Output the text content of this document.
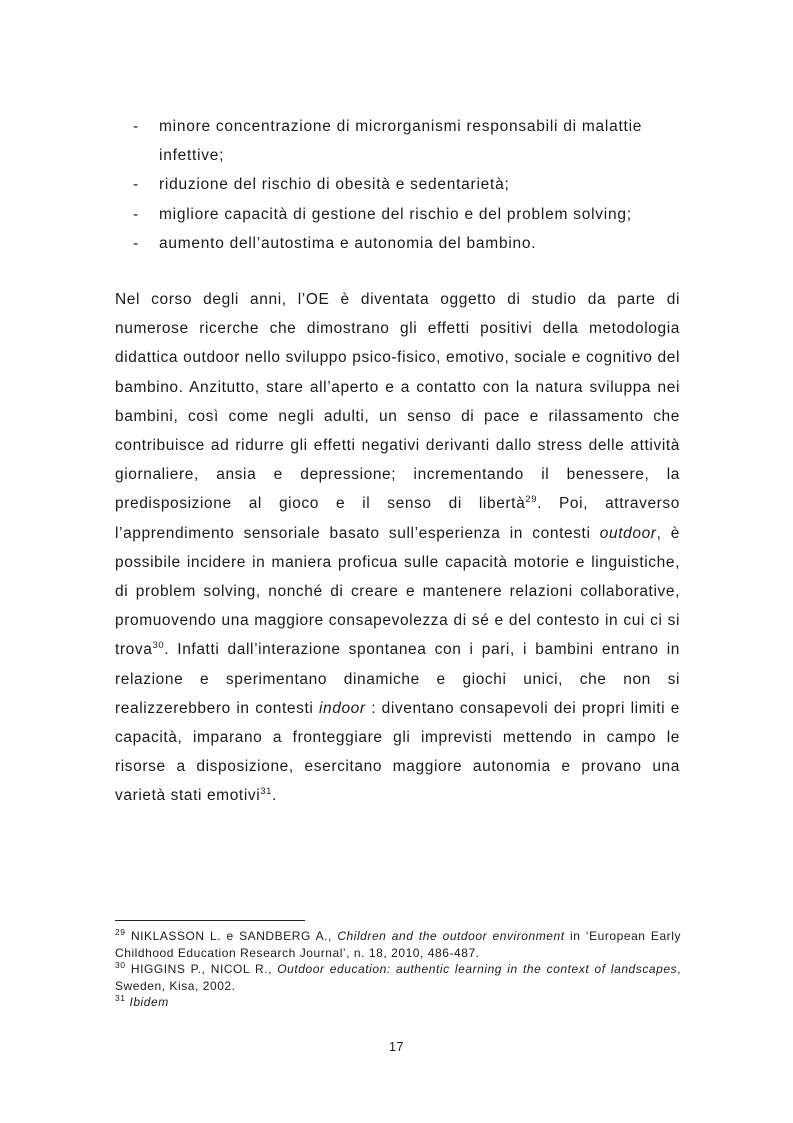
- minore concentrazione di microrganismi responsabili di malattie infettive;
- riduzione del rischio di obesità e sedentarietà;
- migliore capacità di gestione del rischio e del problem solving;
- aumento dell’autostima e autonomia del bambino.

Nel corso degli anni, l’OE è diventata oggetto di studio da parte di numerose ricerche che dimostrano gli effetti positivi della metodologia didattica outdoor nello sviluppo psico-fisico, emotivo, sociale e cognitivo del bambino. Anzitutto, stare all’aperto e a contatto con la natura sviluppa nei bambini, così come negli adulti, un senso di pace e rilassamento che contribuisce ad ridurre gli effetti negativi derivanti dallo stress delle attività giornaliere, ansia e depressione; incrementando il benessere, la predisposizione al gioco e il senso di libertà$^{29}$. Poi, attraverso l’apprendimento sensoriale basato sull’esperienza in contesti outdoor, è possibile incidere in maniera proficua sulle capacità motorie e linguistiche, di problem solving, nonché di creare e mantenere relazioni collaborative, promuovendo una maggiore consapevolezza di sé e del contesto in cui ci si trova$^{30}$. Infatti dall’interazione spontanea con i pari, i bambini entrano in relazione e sperimentano dinamiche e giochi unici, che non si realizzerebbero in contesti indoor : diventano consapevoli dei propri limiti e capacità, imparano a fronteggiare gli imprevisti mettendo in campo le risorse a disposizione, esercitano maggiore autonomia e provano una varietà stati emotivi$^{31}$.

$^{29}$ NIKLASSON L. e SANDBERG A., Children and the outdoor environment in ‘European Early Childhood Education Research Journal’, n. 18, 2010, 486-487.

$^{30}$ HIGGINS P., NICOL R., Outdoor education: authentic learning in the context of landscapes, Sweden, Kisa, 2002.

$^{31}$ Ibidem

17
